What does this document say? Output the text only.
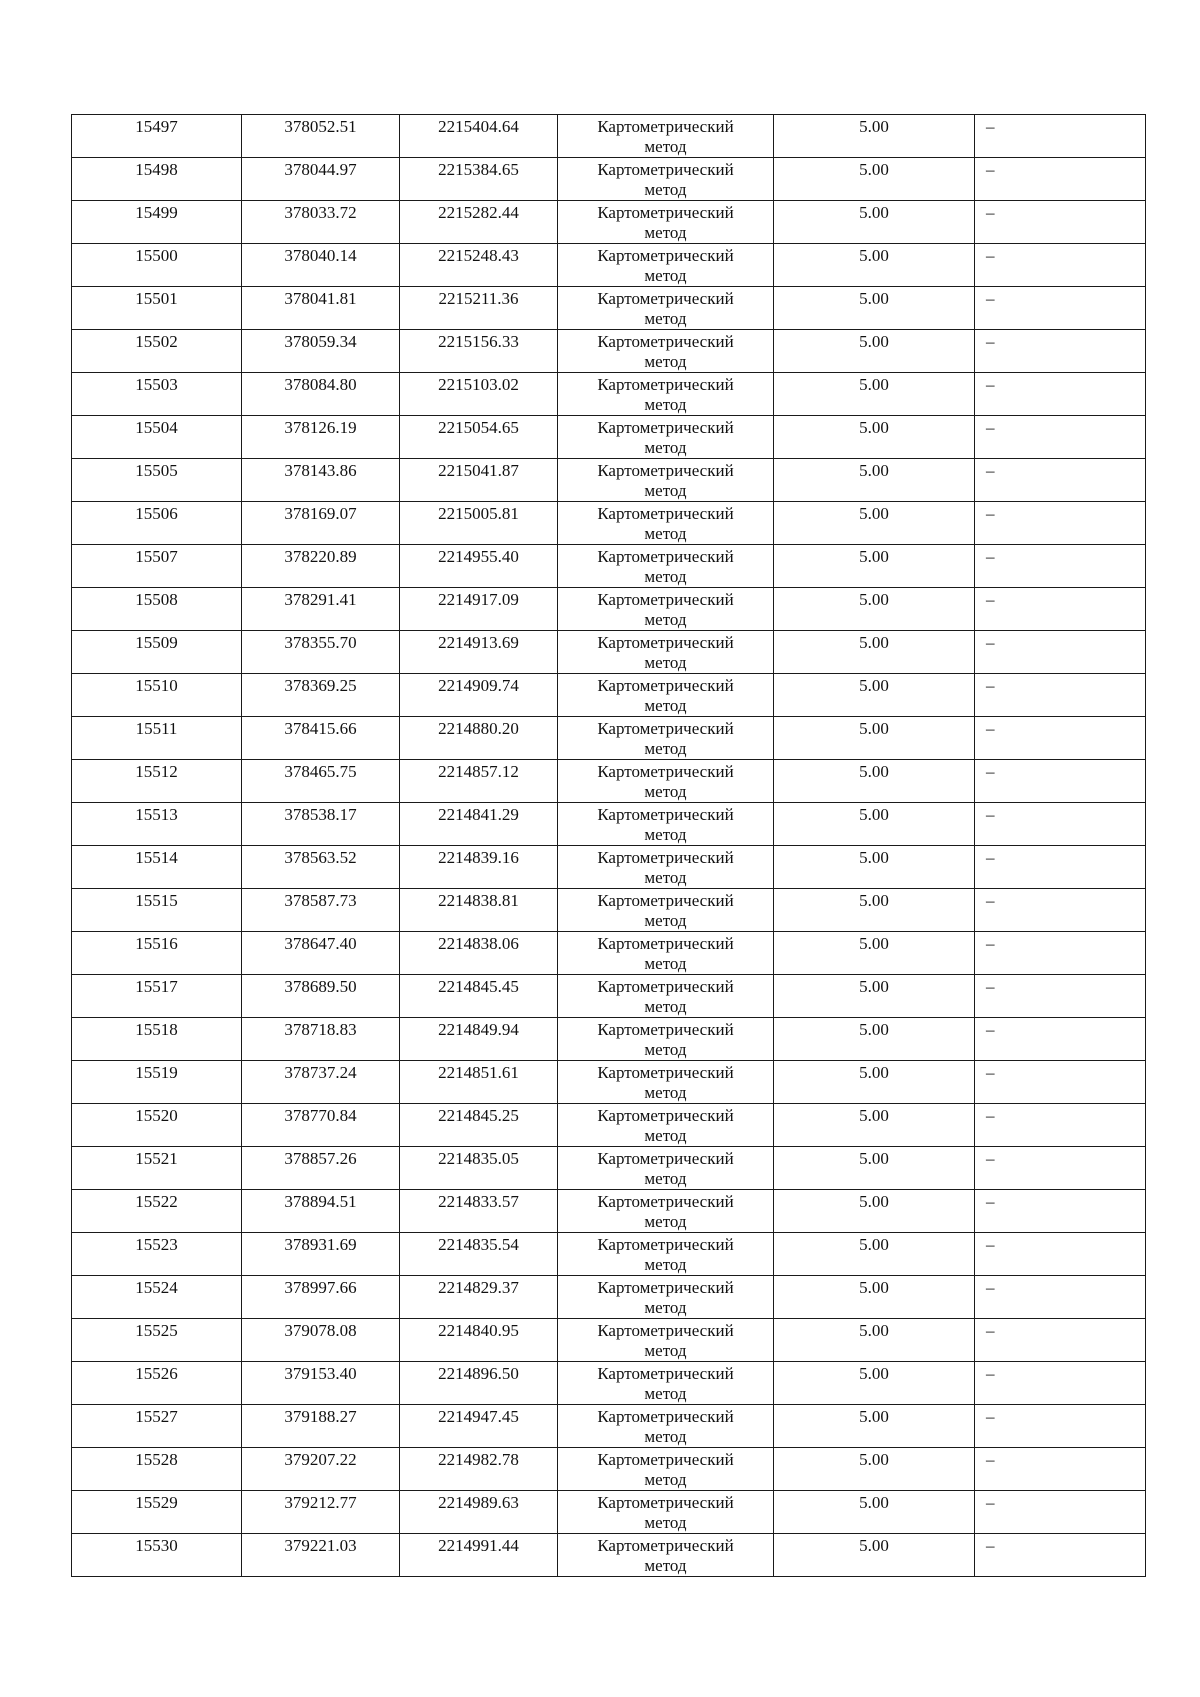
15497	378052.51	2215404.64	Картометрический
метод	5.00	–

15498	378044.97	2215384.65	Картометрический
метод	5.00	–

15499	378033.72	2215282.44	Картометрический
метод	5.00	–

15500	378040.14	2215248.43	Картометрический
метод	5.00	–

15501	378041.81	2215211.36	Картометрический
метод	5.00	–

15502	378059.34	2215156.33	Картометрический
метод	5.00	–

15503	378084.80	2215103.02	Картометрический
метод	5.00	–

15504	378126.19	2215054.65	Картометрический
метод	5.00	–

15505	378143.86	2215041.87	Картометрический
метод	5.00	–

15506	378169.07	2215005.81	Картометрический
метод	5.00	–

15507	378220.89	2214955.40	Картометрический
метод	5.00	–

15508	378291.41	2214917.09	Картометрический
метод	5.00	–

15509	378355.70	2214913.69	Картометрический
метод	5.00	–

15510	378369.25	2214909.74	Картометрический
метод	5.00	–

15511	378415.66	2214880.20	Картометрический
метод	5.00	–

15512	378465.75	2214857.12	Картометрический
метод	5.00	–

15513	378538.17	2214841.29	Картометрический
метод	5.00	–

15514	378563.52	2214839.16	Картометрический
метод	5.00	–

15515	378587.73	2214838.81	Картометрический
метод	5.00	–

15516	378647.40	2214838.06	Картометрический
метод	5.00	–

15517	378689.50	2214845.45	Картометрический
метод	5.00	–

15518	378718.83	2214849.94	Картометрический
метод	5.00	–

15519	378737.24	2214851.61	Картометрический
метод	5.00	–

15520	378770.84	2214845.25	Картометрический
метод	5.00	–

15521	378857.26	2214835.05	Картометрический
метод	5.00	–

15522	378894.51	2214833.57	Картометрический
метод	5.00	–

15523	378931.69	2214835.54	Картометрический
метод	5.00	–

15524	378997.66	2214829.37	Картометрический
метод	5.00	–

15525	379078.08	2214840.95	Картометрический
метод	5.00	–

15526	379153.40	2214896.50	Картометрический
метод	5.00	–

15527	379188.27	2214947.45	Картометрический
метод	5.00	–

15528	379207.22	2214982.78	Картометрический
метод	5.00	–

15529	379212.77	2214989.63	Картометрический
метод	5.00	–

15530	379221.03	2214991.44	Картометрический
метод	5.00	–
